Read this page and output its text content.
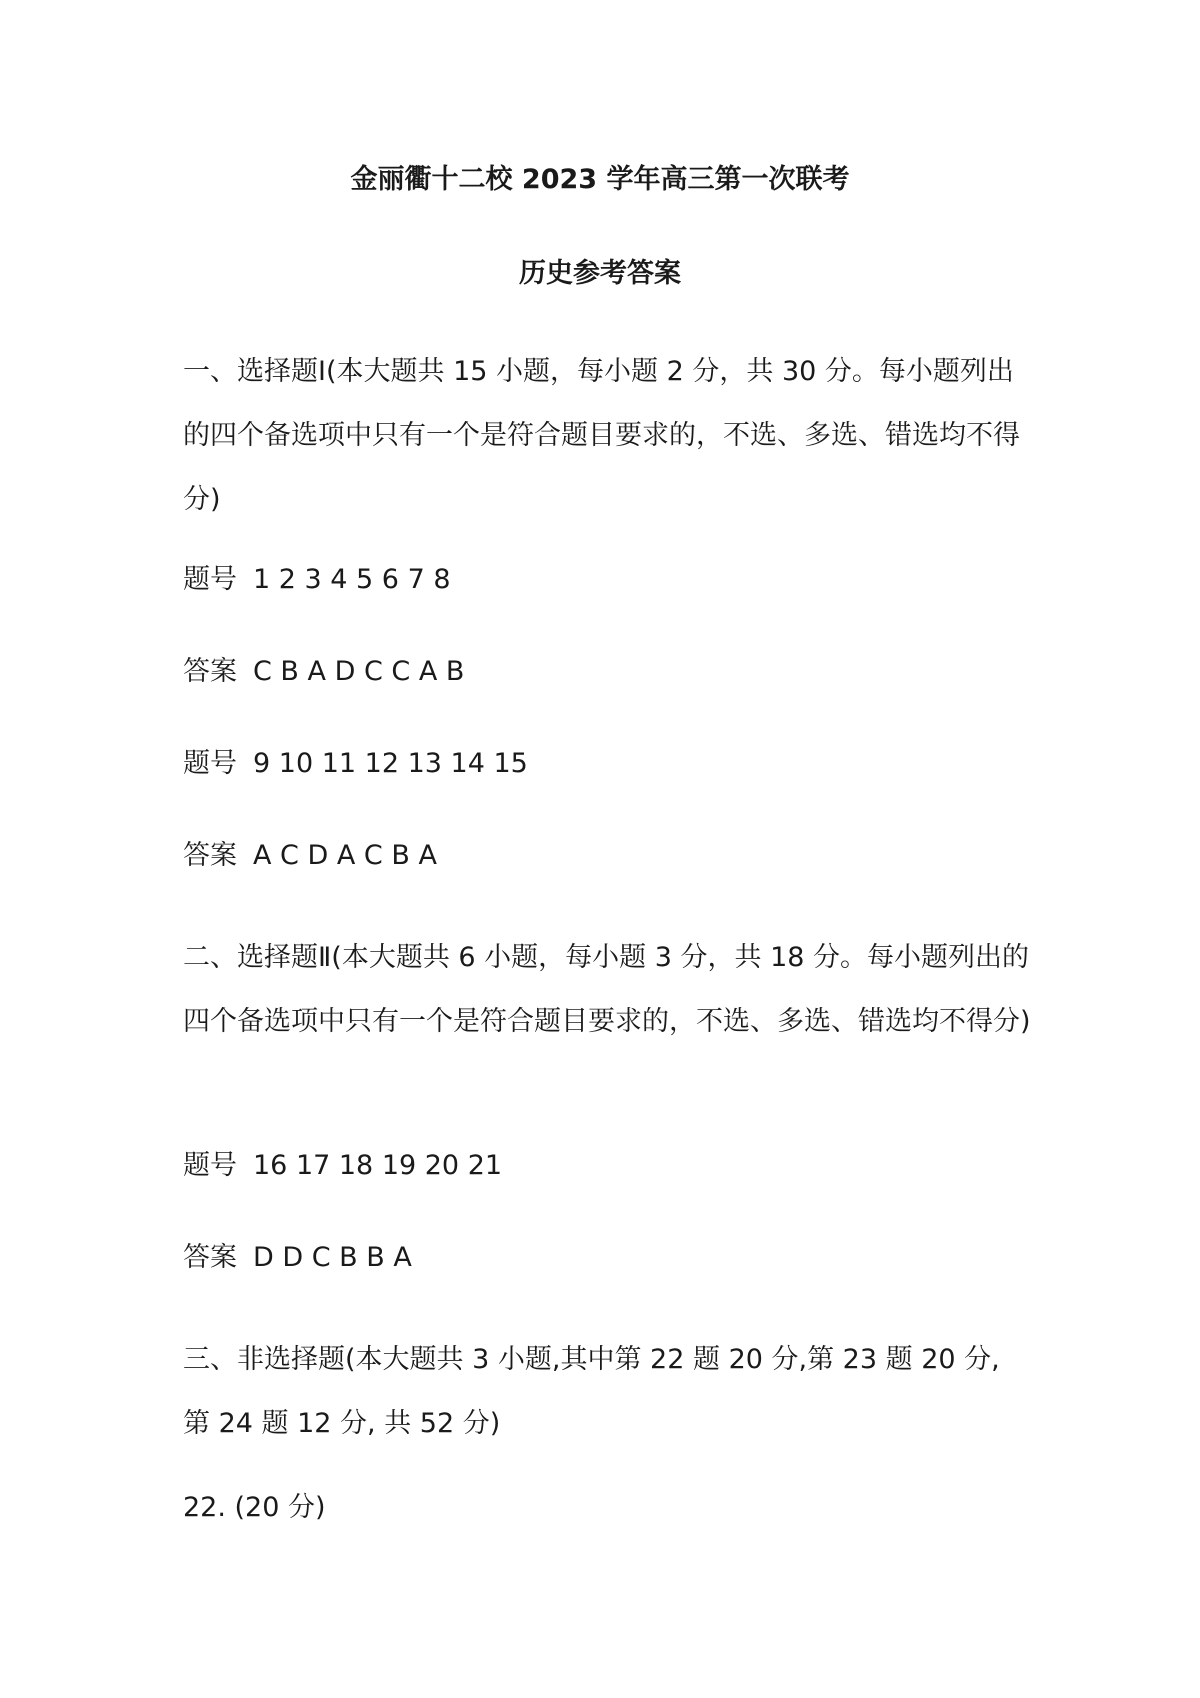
金丽衢十二校 2023 学年高三第一次联考
历史参考答案
一、选择题Ⅰ(本大题共 15 小题，每小题 2 分，共 30 分。每小题列出的四个备选项中只有一个是符合题目要求的，不选、多选、错选均不得分)
题号 1 2 3 4 5 6 7 8
答案 C B A D C C A B
题号 9 10 11 12 13 14 15
答案 A C D A C B A
二、选择题Ⅱ(本大题共 6 小题，每小题 3 分，共 18 分。每小题列出的四个备选项中只有一个是符合题目要求的，不选、多选、错选均不得分)
题号 16 17 18 19 20 21
答案 D D C B B A
三、非选择题(本大题共 3 小题,其中第 22 题 20 分,第 23 题 20 分, 第 24 题 12 分, 共 52 分)
22. (20 分)
